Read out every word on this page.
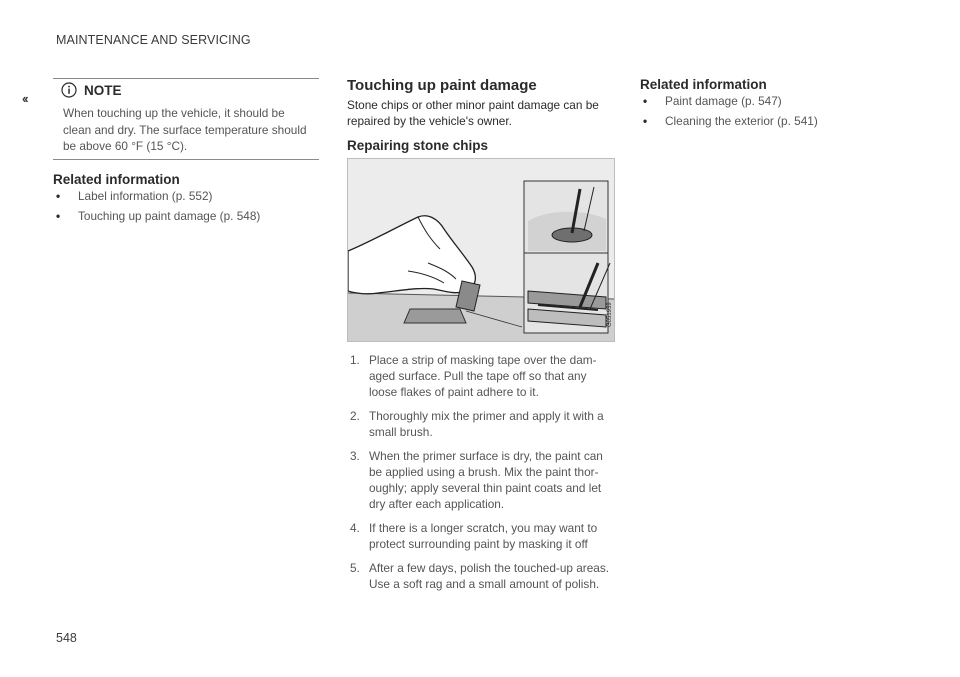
MAINTENANCE AND SERVICING
‹‹
NOTE
When touching up the vehicle, it should be clean and dry. The surface temperature should be above 60 °F (15 °C).
Related information
• Label information (p. 552)
• Touching up paint damage (p. 548)
Touching up paint damage
Stone chips or other minor paint damage can be repaired by the vehicle's owner.
Repairing stone chips
G051939
1. Place a strip of masking tape over the dam-aged surface. Pull the tape off so that any loose flakes of paint adhere to it.
2. Thoroughly mix the primer and apply it with a small brush.
3. When the primer surface is dry, the paint can be applied using a brush. Mix the paint thor-oughly; apply several thin paint coats and let dry after each application.
4. If there is a longer scratch, you may want to protect surrounding paint by masking it off
5. After a few days, polish the touched-up areas. Use a soft rag and a small amount of polish.
Related information
• Paint damage (p. 547)
• Cleaning the exterior (p. 541)
548
